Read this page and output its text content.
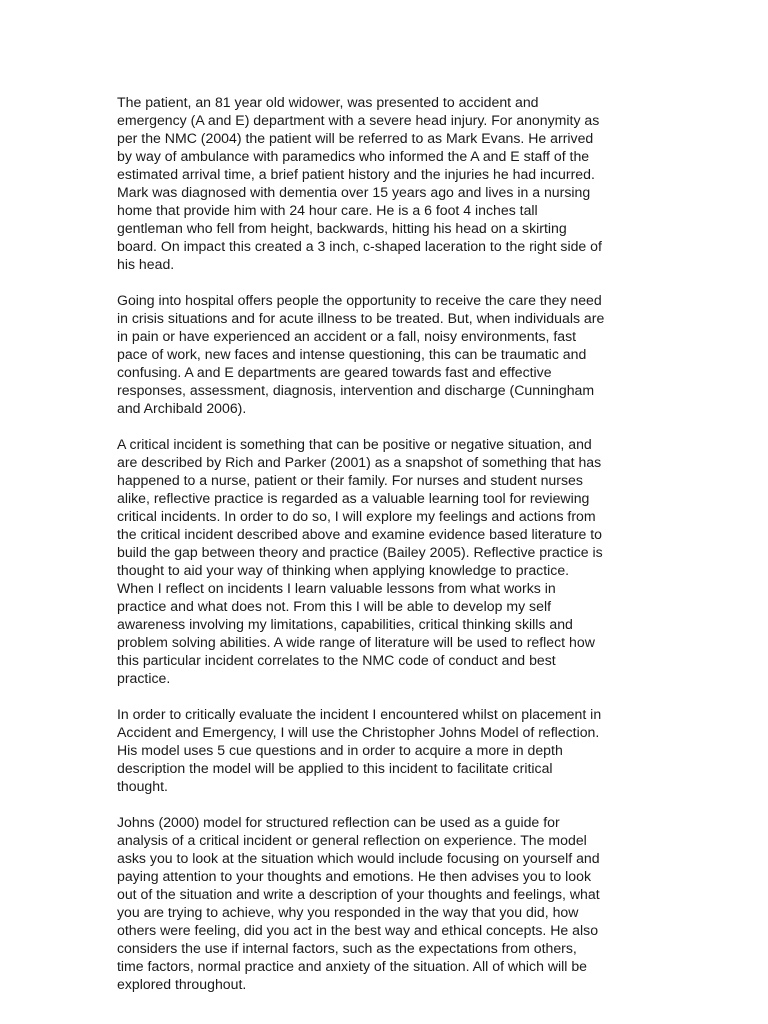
The patient, an 81 year old widower, was presented to accident and
emergency (A and E) department with a severe head injury. For anonymity as
per the NMC (2004) the patient will be referred to as Mark Evans. He arrived
by way of ambulance with paramedics who informed the A and E staff of the
estimated arrival time, a brief patient history and the injuries he had incurred.
Mark was diagnosed with dementia over 15 years ago and lives in a nursing
home that provide him with 24 hour care. He is a 6 foot 4 inches tall
gentleman who fell from height, backwards, hitting his head on a skirting
board. On impact this created a 3 inch, c-shaped laceration to the right side of
his head.

Going into hospital offers people the opportunity to receive the care they need
in crisis situations and for acute illness to be treated. But, when individuals are
in pain or have experienced an accident or a fall, noisy environments, fast
pace of work, new faces and intense questioning, this can be traumatic and
confusing. A and E departments are geared towards fast and effective
responses, assessment, diagnosis, intervention and discharge (Cunningham
and Archibald 2006).

A critical incident is something that can be positive or negative situation, and
are described by Rich and Parker (2001) as a snapshot of something that has
happened to a nurse, patient or their family. For nurses and student nurses
alike, reflective practice is regarded as a valuable learning tool for reviewing
critical incidents. In order to do so, I will explore my feelings and actions from
the critical incident described above and examine evidence based literature to
build the gap between theory and practice (Bailey 2005). Reflective practice is
thought to aid your way of thinking when applying knowledge to practice.
When I reflect on incidents I learn valuable lessons from what works in
practice and what does not. From this I will be able to develop my self
awareness involving my limitations, capabilities, critical thinking skills and
problem solving abilities. A wide range of literature will be used to reflect how
this particular incident correlates to the NMC code of conduct and best
practice.

In order to critically evaluate the incident I encountered whilst on placement in
Accident and Emergency, I will use the Christopher Johns Model of reflection.
His model uses 5 cue questions and in order to acquire a more in depth
description the model will be applied to this incident to facilitate critical
thought.

Johns (2000) model for structured reflection can be used as a guide for
analysis of a critical incident or general reflection on experience. The model
asks you to look at the situation which would include focusing on yourself and
paying attention to your thoughts and emotions. He then advises you to look
out of the situation and write a description of your thoughts and feelings, what
you are trying to achieve, why you responded in the way that you did, how
others were feeling, did you act in the best way and ethical concepts. He also
considers the use if internal factors, such as the expectations from others,
time factors, normal practice and anxiety of the situation. All of which will be
explored throughout.
